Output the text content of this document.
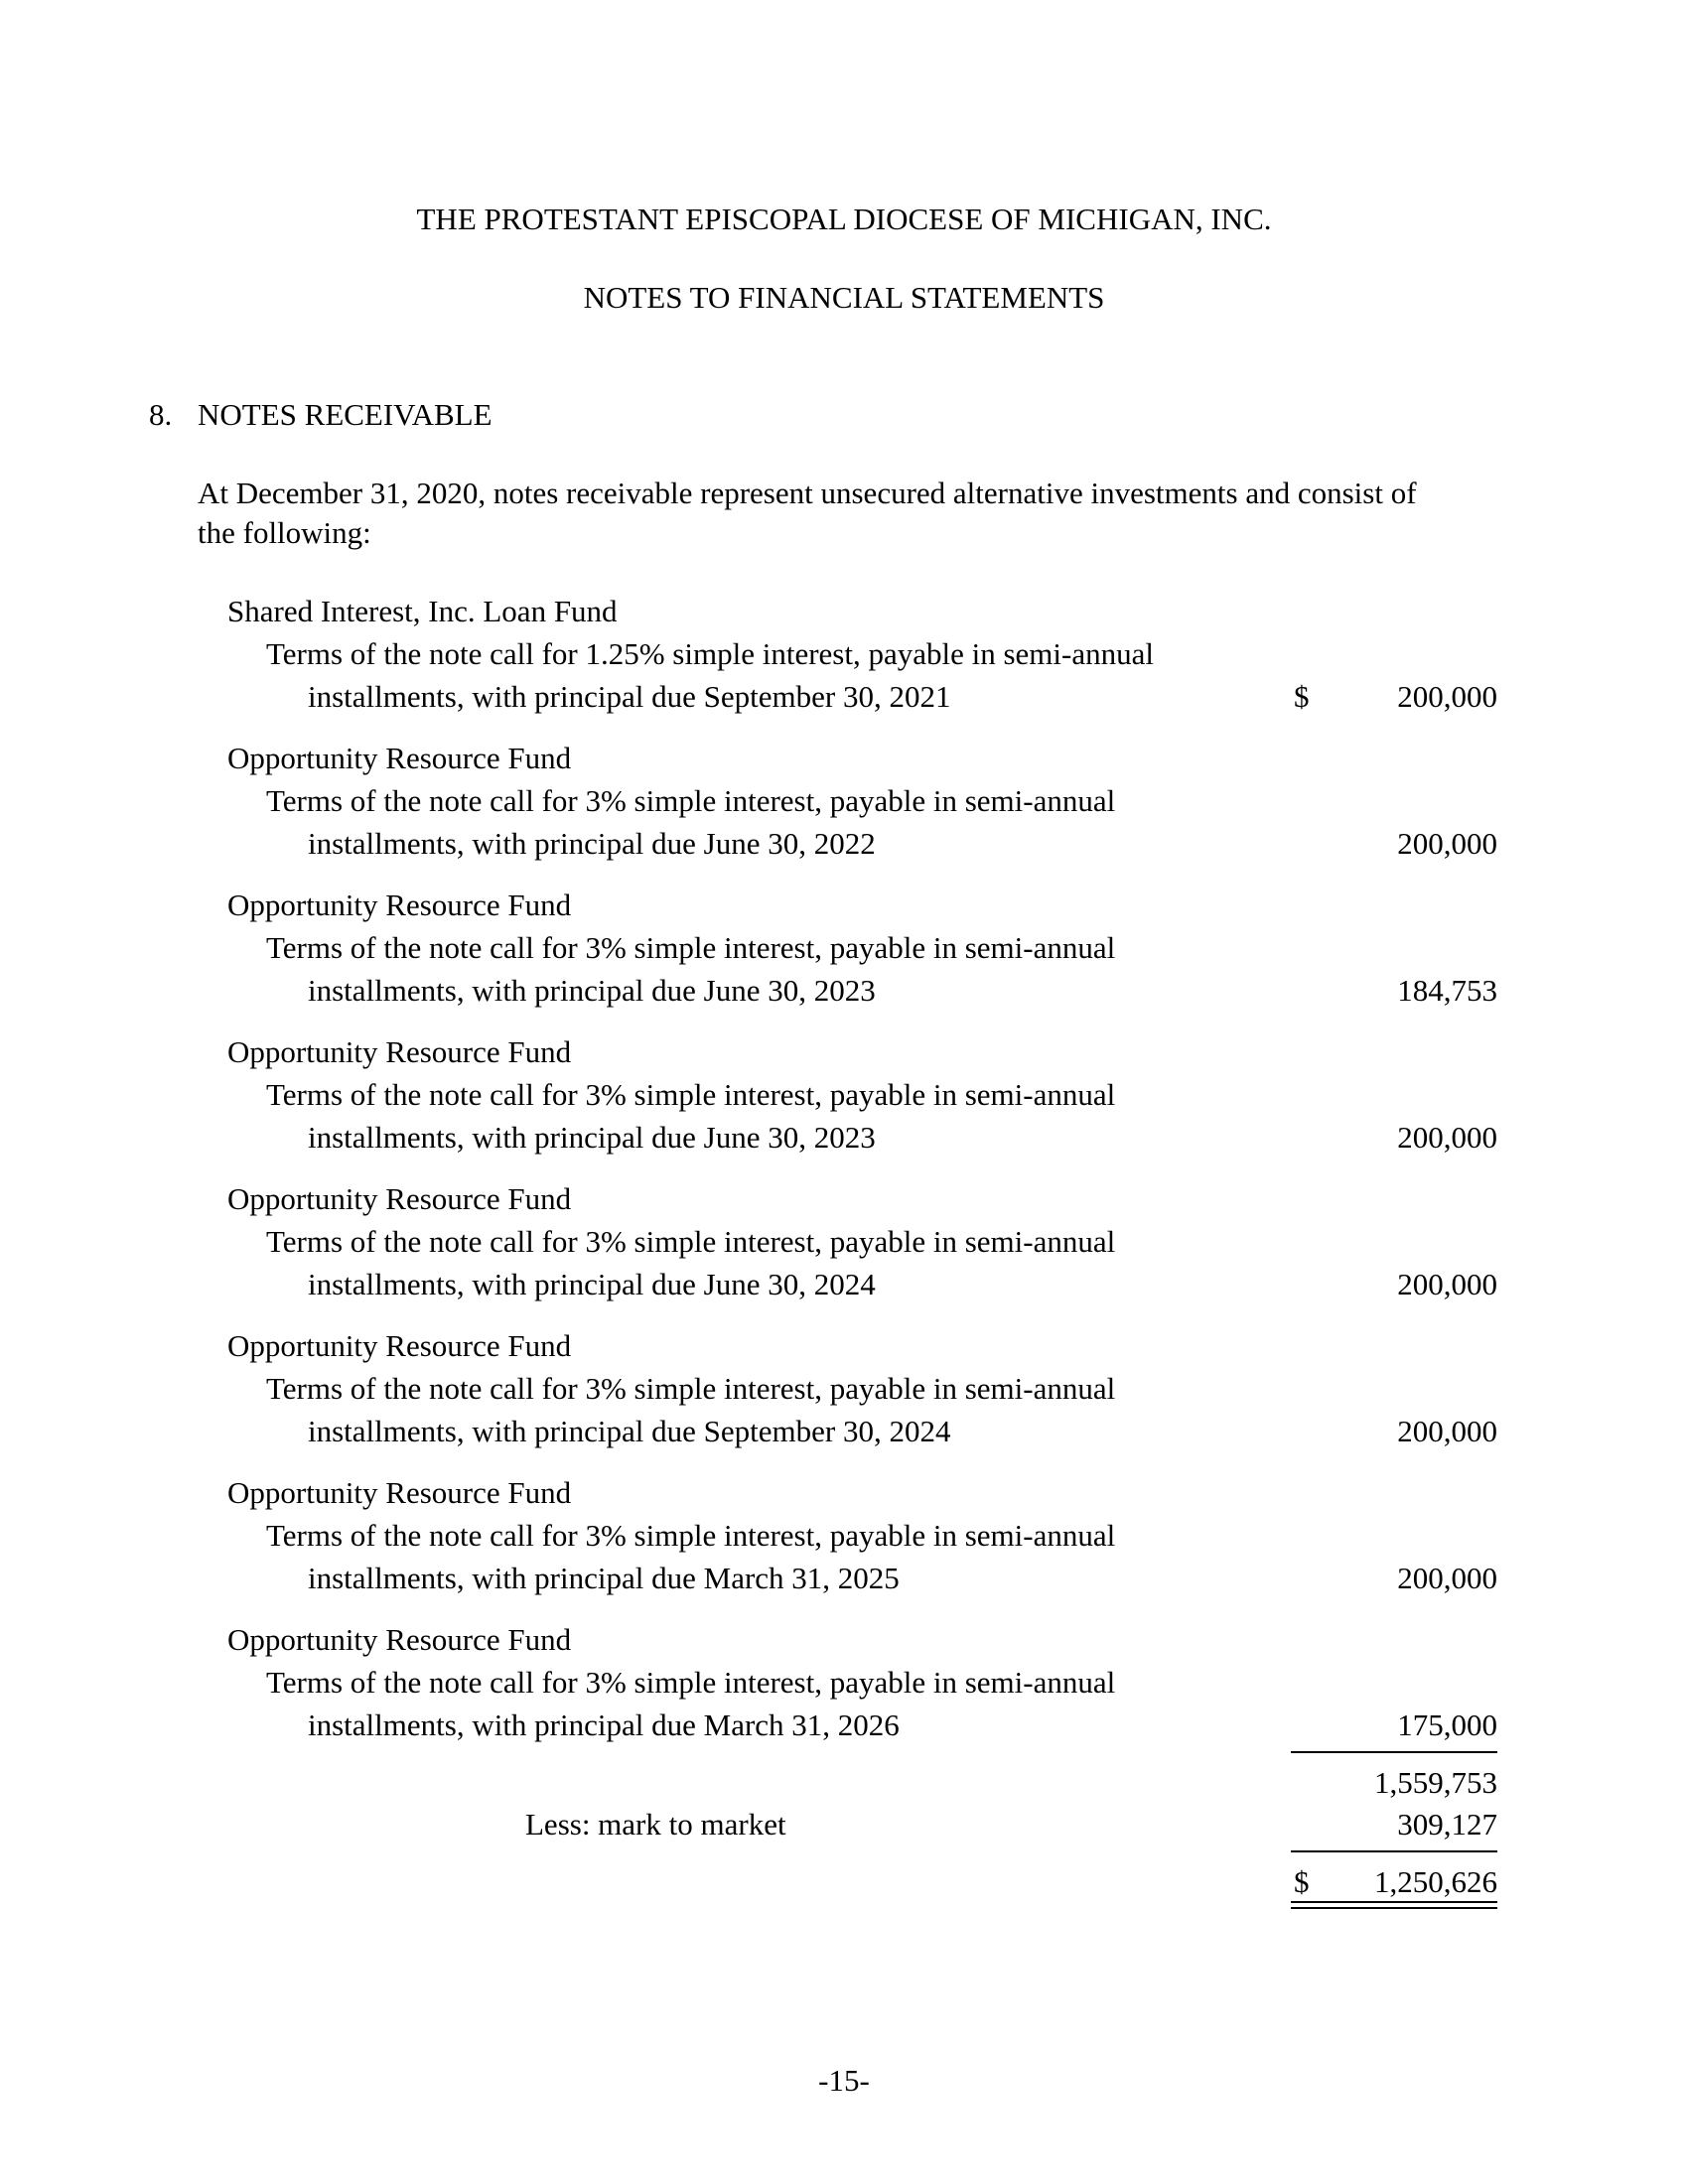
THE PROTESTANT EPISCOPAL DIOCESE OF MICHIGAN, INC.
NOTES TO FINANCIAL STATEMENTS
8. NOTES RECEIVABLE
At December 31, 2020, notes receivable represent unsecured alternative investments and consist of
the following:
Shared Interest, Inc. Loan Fund
Terms of the note call for 1.25% simple interest, payable in semi-annual
installments, with principal due September 30, 2021	$	200,000
Opportunity Resource Fund
Terms of the note call for 3% simple interest, payable in semi-annual
installments, with principal due June 30, 2022	200,000
Opportunity Resource Fund
Terms of the note call for 3% simple interest, payable in semi-annual
installments, with principal due June 30, 2023	184,753
Opportunity Resource Fund
Terms of the note call for 3% simple interest, payable in semi-annual
installments, with principal due June 30, 2023	200,000
Opportunity Resource Fund
Terms of the note call for 3% simple interest, payable in semi-annual
installments, with principal due June 30, 2024	200,000
Opportunity Resource Fund
Terms of the note call for 3% simple interest, payable in semi-annual
installments, with principal due September 30, 2024	200,000
Opportunity Resource Fund
Terms of the note call for 3% simple interest, payable in semi-annual
installments, with principal due March 31, 2025	200,000
Opportunity Resource Fund
Terms of the note call for 3% simple interest, payable in semi-annual
installments, with principal due March 31, 2026	175,000
1,559,753
Less: mark to market	309,127
$	1,250,626
-15-
